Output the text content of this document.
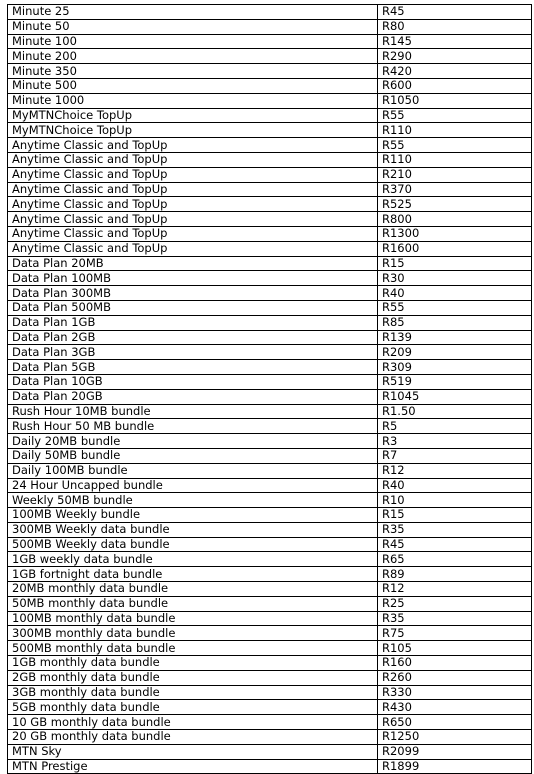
Minute 25	R45
Minute 50	R80
Minute 100	R145
Minute 200	R290
Minute 350	R420
Minute 500	R600
Minute 1000	R1050
MyMTNChoice TopUp	R55
MyMTNChoice TopUp	R110
Anytime Classic and TopUp	R55
Anytime Classic and TopUp	R110
Anytime Classic and TopUp	R210
Anytime Classic and TopUp	R370
Anytime Classic and TopUp	R525
Anytime Classic and TopUp	R800
Anytime Classic and TopUp	R1300
Anytime Classic and TopUp	R1600
Data Plan 20MB	R15
Data Plan 100MB	R30
Data Plan 300MB	R40
Data Plan 500MB	R55
Data Plan 1GB	R85
Data Plan 2GB	R139
Data Plan 3GB	R209
Data Plan 5GB	R309
Data Plan 10GB	R519
Data Plan 20GB	R1045
Rush Hour 10MB bundle	R1.50
Rush Hour 50 MB bundle	R5
Daily 20MB bundle	R3
Daily 50MB bundle	R7
Daily 100MB bundle	R12
24 Hour Uncapped bundle	R40
Weekly 50MB bundle	R10
100MB Weekly bundle	R15
300MB Weekly data bundle	R35
500MB Weekly data bundle	R45
1GB weekly data bundle	R65
1GB fortnight data bundle	R89
20MB monthly data bundle	R12
50MB monthly data bundle	R25
100MB monthly data bundle	R35
300MB monthly data bundle	R75
500MB monthly data bundle	R105
1GB monthly data bundle	R160
2GB monthly data bundle	R260
3GB monthly data bundle	R330
5GB monthly data bundle	R430
10 GB monthly data bundle	R650
20 GB monthly data bundle	R1250
MTN Sky	R2099
MTN Prestige	R1899
